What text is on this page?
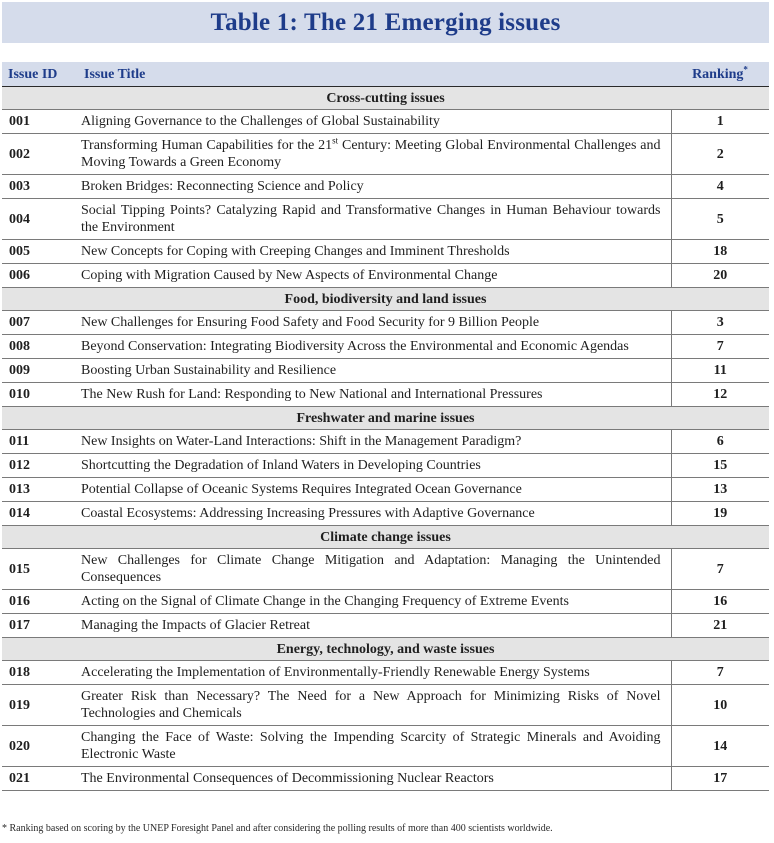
Table 1: The 21 Emerging issues
Issue ID	Issue Title	Ranking*
Cross-cutting issues		
001	Aligning Governance to the Challenges of Global Sustainability	1
002	Transforming Human Capabilities for the 21st Century: Meeting Global Environmental Challenges and Moving Towards a Green Economy	2
003	Broken Bridges: Reconnecting Science and Policy	4
004	Social Tipping Points? Catalyzing Rapid and Transformative Changes in Human Behaviour towards the Environment	5
005	New Concepts for Coping with Creeping Changes and Imminent Thresholds	18
006	Coping with Migration Caused by New Aspects of Environmental Change	20
Food, biodiversity and land issues		
007	New Challenges for Ensuring Food Safety and Food Security for 9 Billion People	3
008	Beyond Conservation: Integrating Biodiversity Across the Environmental and Economic Agendas	7
009	Boosting Urban Sustainability and Resilience	11
010	The New Rush for Land: Responding to New National and International Pressures	12
Freshwater and marine issues		
011	New Insights on Water-Land Interactions: Shift in the Management Paradigm?	6
012	Shortcutting the Degradation of Inland Waters in Developing Countries	15
013	Potential Collapse of Oceanic Systems Requires Integrated Ocean Governance	13
014	Coastal Ecosystems: Addressing Increasing Pressures with Adaptive Governance	19
Climate change issues		
015	New Challenges for Climate Change Mitigation and Adaptation: Managing the Unintended Consequences	7
016	Acting on the Signal of Climate Change in the Changing Frequency of Extreme Events	16
017	Managing the Impacts of Glacier Retreat	21
Energy, technology, and waste issues		
018	Accelerating the Implementation of Environmentally-Friendly Renewable Energy Systems	7
019	Greater Risk than Necessary? The Need for a New Approach for Minimizing Risks of Novel Technologies and Chemicals	10
020	Changing the Face of Waste: Solving the Impending Scarcity of Strategic Minerals and Avoiding Electronic Waste	14
021	The Environmental Consequences of Decommissioning Nuclear Reactors	17
* Ranking based on scoring by the UNEP Foresight Panel and after considering the polling results of more than 400 scientists worldwide.
